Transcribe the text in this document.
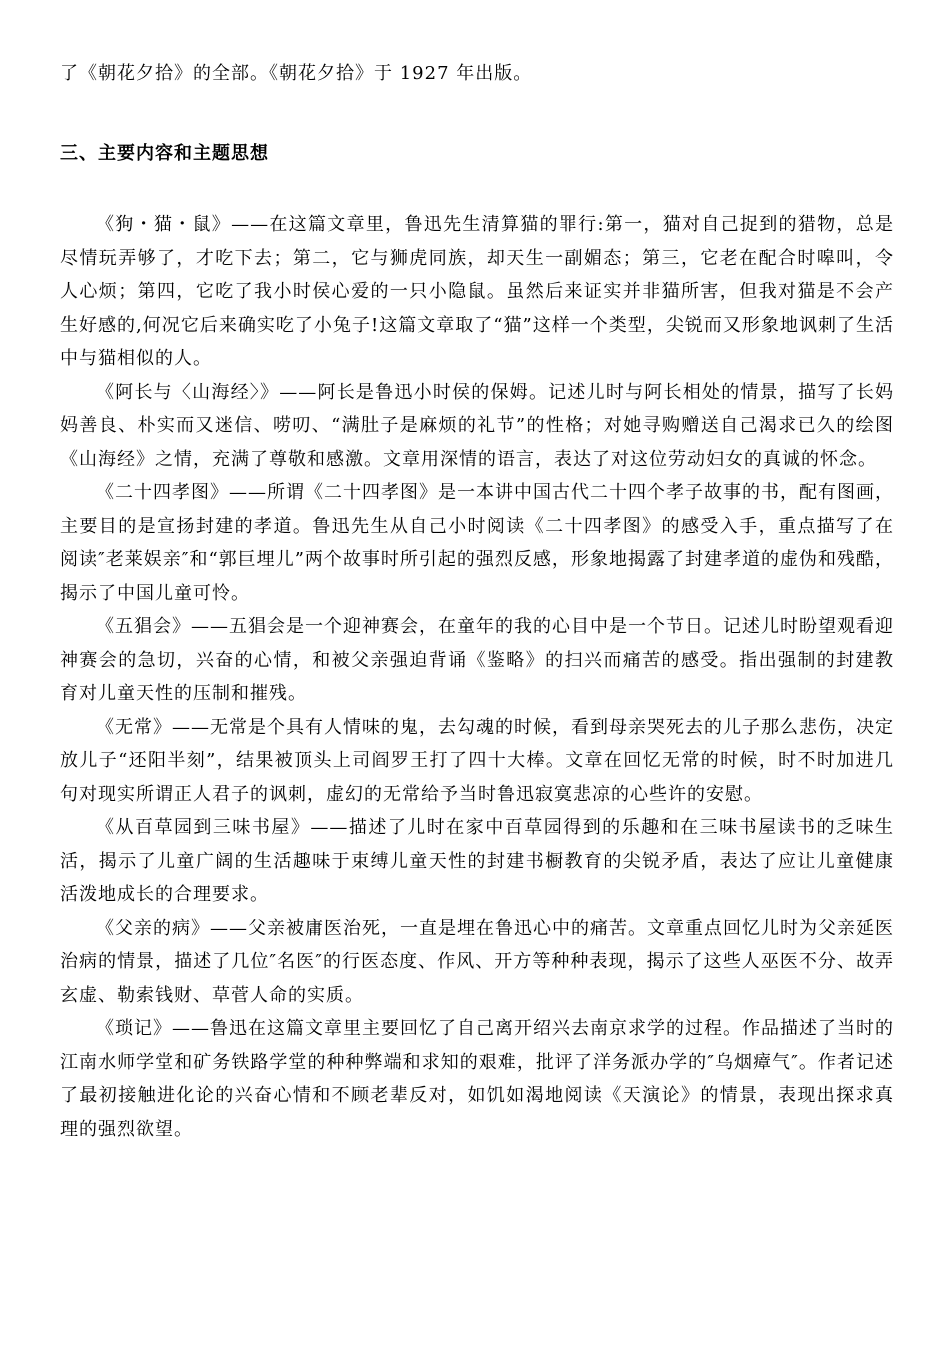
了《朝花夕拾》的全部。《朝花夕拾》于 1927 年出版。
三、主要内容和主题思想

《狗・猫・鼠》——在这篇文章里，鲁迅先生清算猫的罪行:第一，猫对自己捉到的猎物，总是尽情玩弄够了，才吃下去；第二，它与狮虎同族，却天生一副媚态；第三，它老在配合时嗥叫，令人心烦；第四，它吃了我小时侯心爱的一只小隐鼠。虽然后来证实并非猫所害，但我对猫是不会产生好感的,何况它后来确实吃了小兔子!这篇文章取了“猫”这样一个类型，尖锐而又形象地讽刺了生活中与猫相似的人。

《阿长与〈山海经〉》——阿长是鲁迅小时侯的保姆。记述儿时与阿长相处的情景，描写了长妈妈善良、朴实而又迷信、唠叨、“满肚子是麻烦的礼节”的性格；对她寻购赠送自己渴求已久的绘图《山海经》之情，充满了尊敬和感激。文章用深情的语言，表达了对这位劳动妇女的真诚的怀念。

《二十四孝图》——所谓《二十四孝图》是一本讲中国古代二十四个孝子故事的书，配有图画，主要目的是宣扬封建的孝道。鲁迅先生从自己小时阅读《二十四孝图》的感受入手，重点描写了在阅读″老莱娱亲″和“郭巨埋儿”两个故事时所引起的强烈反感，形象地揭露了封建孝道的虚伪和残酷，揭示了中国儿童可怜。

《五猖会》——五猖会是一个迎神赛会，在童年的我的心目中是一个节日。记述儿时盼望观看迎神赛会的急切，兴奋的心情，和被父亲强迫背诵《鉴略》的扫兴而痛苦的感受。指出强制的封建教育对儿童天性的压制和摧残。

《无常》——无常是个具有人情味的鬼，去勾魂的时候，看到母亲哭死去的儿子那么悲伤，决定放儿子“还阳半刻”，结果被顶头上司阎罗王打了四十大棒。文章在回忆无常的时候，时不时加进几句对现实所谓正人君子的讽刺，虚幻的无常给予当时鲁迅寂寞悲凉的心些许的安慰。

《从百草园到三味书屋》——描述了儿时在家中百草园得到的乐趣和在三味书屋读书的乏味生活，揭示了儿童广阔的生活趣味于束缚儿童天性的封建书橱教育的尖锐矛盾，表达了应让儿童健康活泼地成长的合理要求。

《父亲的病》——父亲被庸医治死，一直是埋在鲁迅心中的痛苦。文章重点回忆儿时为父亲延医治病的情景，描述了几位″名医″的行医态度、作风、开方等种种表现，揭示了这些人巫医不分、故弄玄虚、勒索钱财、草菅人命的实质。

《琐记》——鲁迅在这篇文章里主要回忆了自己离开绍兴去南京求学的过程。作品描述了当时的江南水师学堂和矿务铁路学堂的种种弊端和求知的艰难，批评了洋务派办学的″乌烟瘴气″。作者记述了最初接触进化论的兴奋心情和不顾老辈反对，如饥如渴地阅读《天演论》的情景，表现出探求真理的强烈欲望。
